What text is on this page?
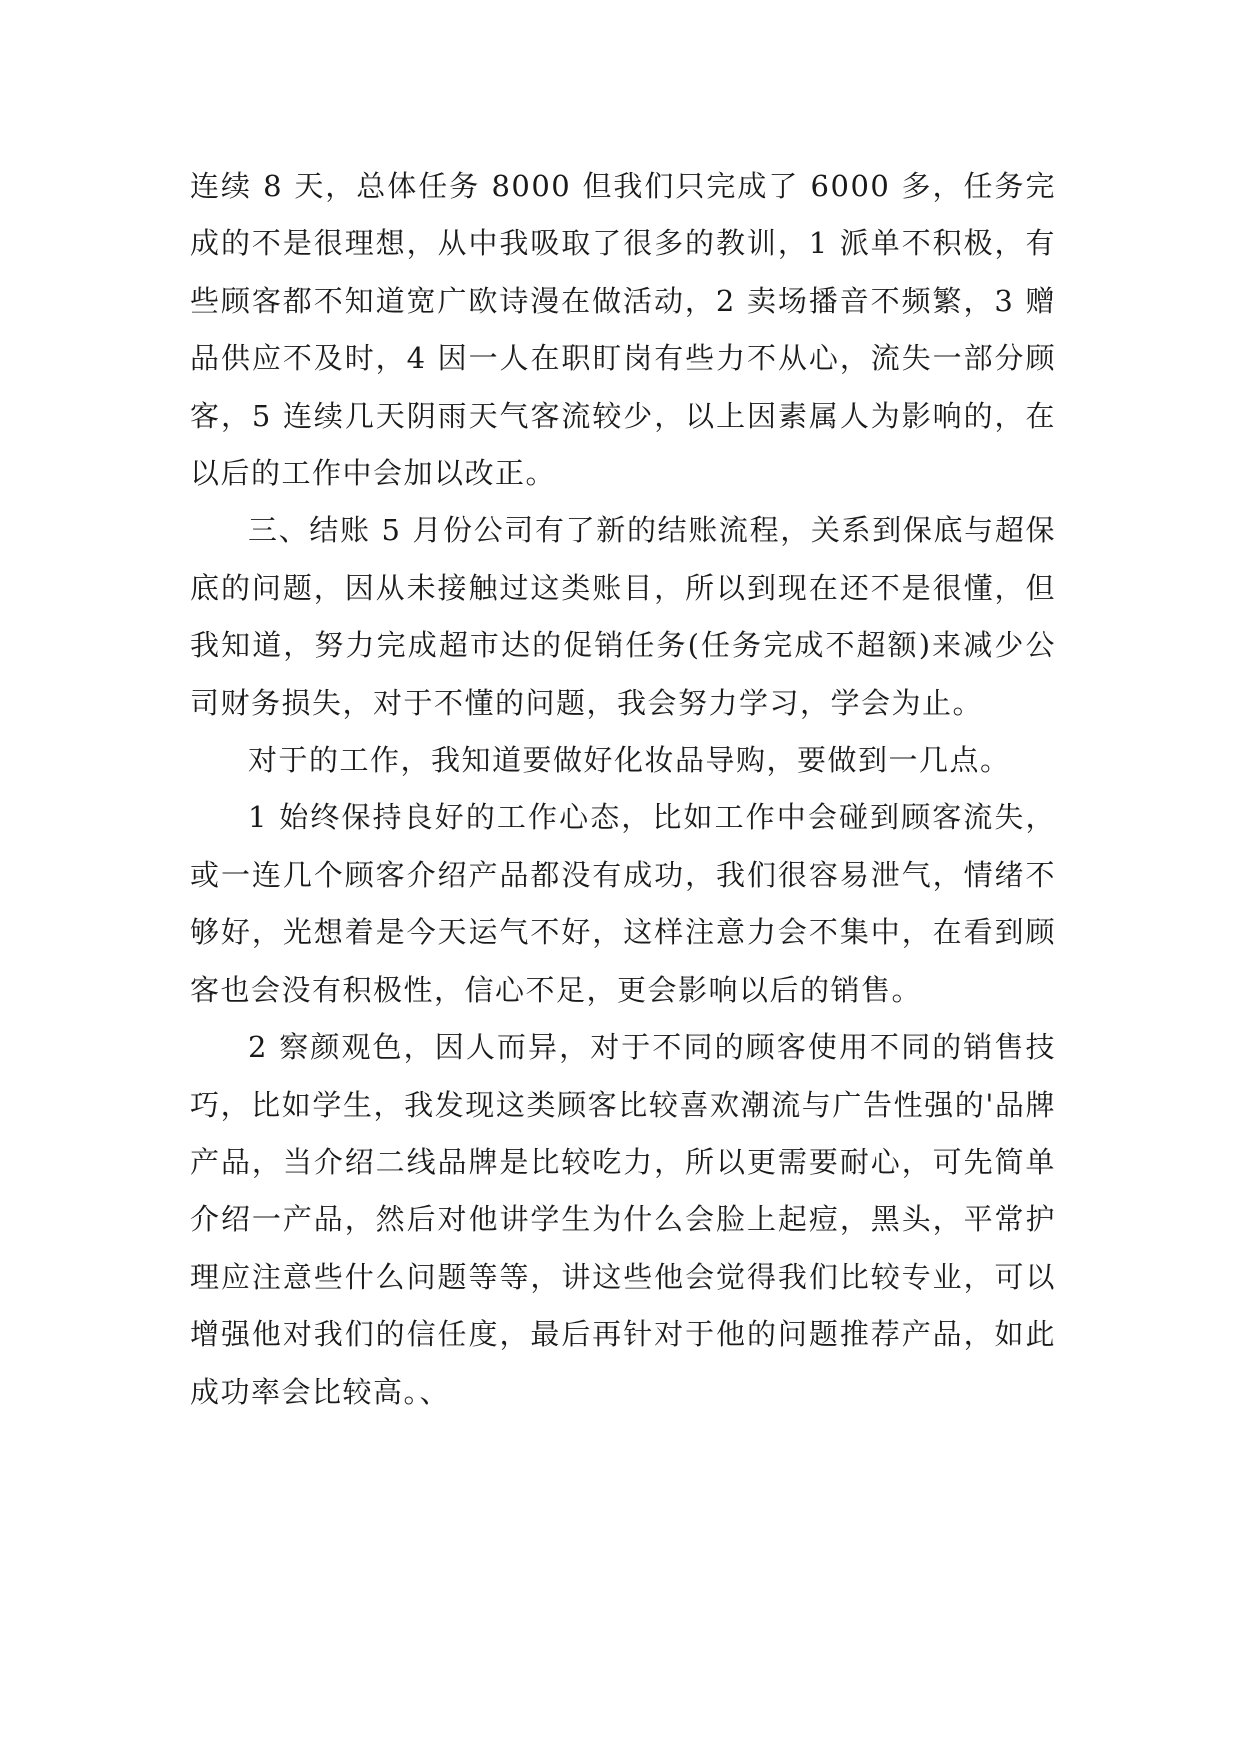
连续 8 天，总体任务 8000 但我们只完成了 6000 多，任务完成的不是很理想，从中我吸取了很多的教训，1 派单不积极，有些顾客都不知道宽广欧诗漫在做活动，2 卖场播音不频繁，3 赠品供应不及时，4 因一人在职盯岗有些力不从心，流失一部分顾客，5 连续几天阴雨天气客流较少，以上因素属人为影响的，在以后的工作中会加以改正。

三、结账 5 月份公司有了新的结账流程，关系到保底与超保底的问题，因从未接触过这类账目，所以到现在还不是很懂，但我知道，努力完成超市达的促销任务(任务完成不超额)来减少公司财务损失，对于不懂的问题，我会努力学习，学会为止。

对于的工作，我知道要做好化妆品导购，要做到一几点。

1 始终保持良好的工作心态，比如工作中会碰到顾客流失，或一连几个顾客介绍产品都没有成功，我们很容易泄气，情绪不够好，光想着是今天运气不好，这样注意力会不集中，在看到顾客也会没有积极性，信心不足，更会影响以后的销售。

2 察颜观色，因人而异，对于不同的顾客使用不同的销售技巧，比如学生，我发现这类顾客比较喜欢潮流与广告性强的'品牌产品，当介绍二线品牌是比较吃力，所以更需要耐心，可先简单介绍一产品，然后对他讲学生为什么会脸上起痘，黑头，平常护理应注意些什么问题等等，讲这些他会觉得我们比较专业，可以增强他对我们的信任度，最后再针对于他的问题推荐产品，如此成功率会比较高。、
